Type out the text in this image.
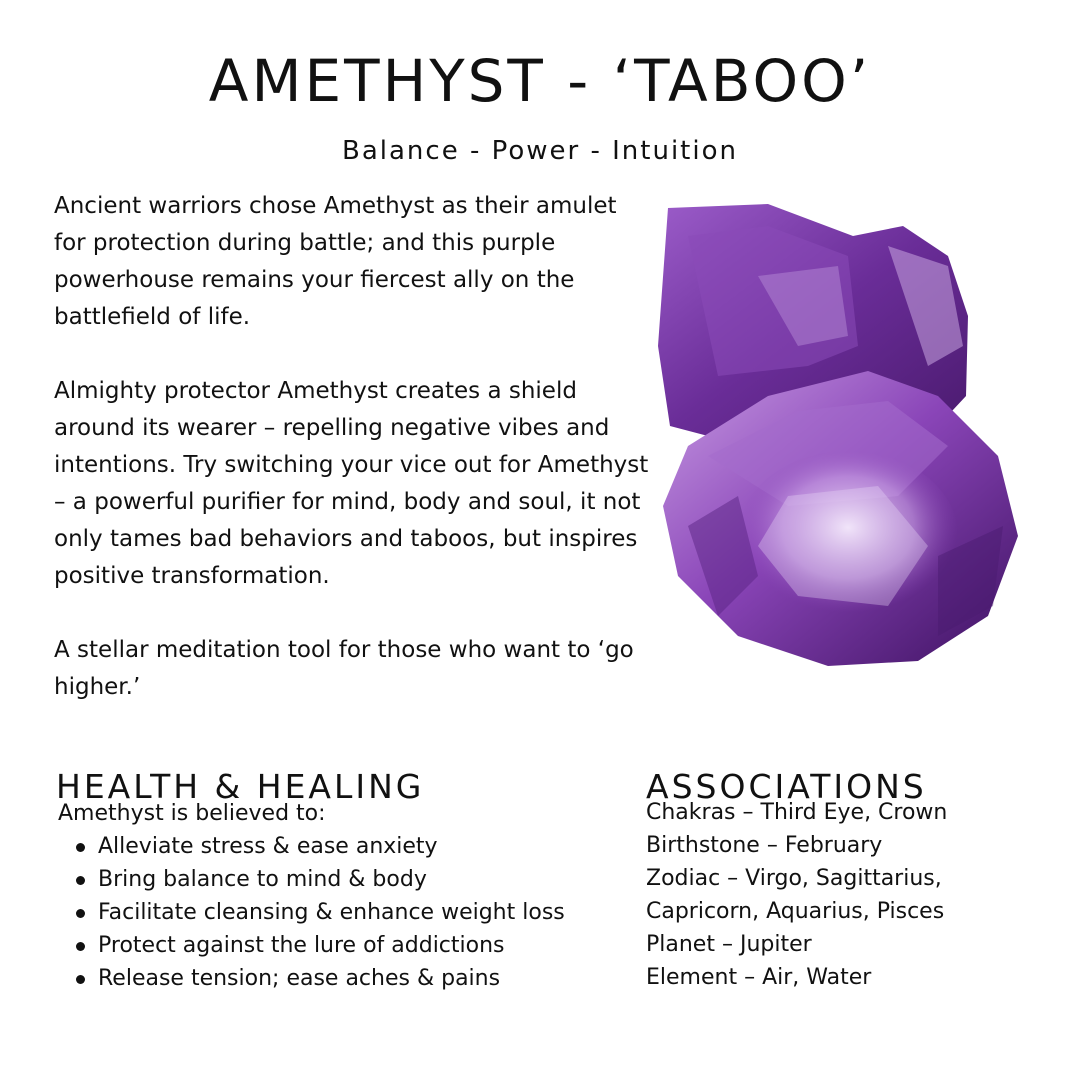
AMETHYST - ‘TABOO’
Balance - Power - Intuition

Ancient warriors chose Amethyst as their amulet for protection during battle; and this purple powerhouse remains your fiercest ally on the battlefield of life.

Almighty protector Amethyst creates a shield around its wearer – repelling negative vibes and intentions. Try switching your vice out for Amethyst – a powerful purifier for mind, body and soul, it not only tames bad behaviors and taboos, but inspires positive transformation.

A stellar meditation tool for those who want to ‘go higher.’

HEALTH & HEALING
Amethyst is believed to:
Alleviate stress & ease anxiety
Bring balance to mind & body
Facilitate cleansing & enhance weight loss
Protect against the lure of addictions
Release tension; ease aches & pains
ASSOCIATIONS
Chakras – Third Eye, Crown
Birthstone – February
Zodiac – Virgo, Sagittarius,
Capricorn, Aquarius, Pisces
Planet – Jupiter
Element – Air, Water
